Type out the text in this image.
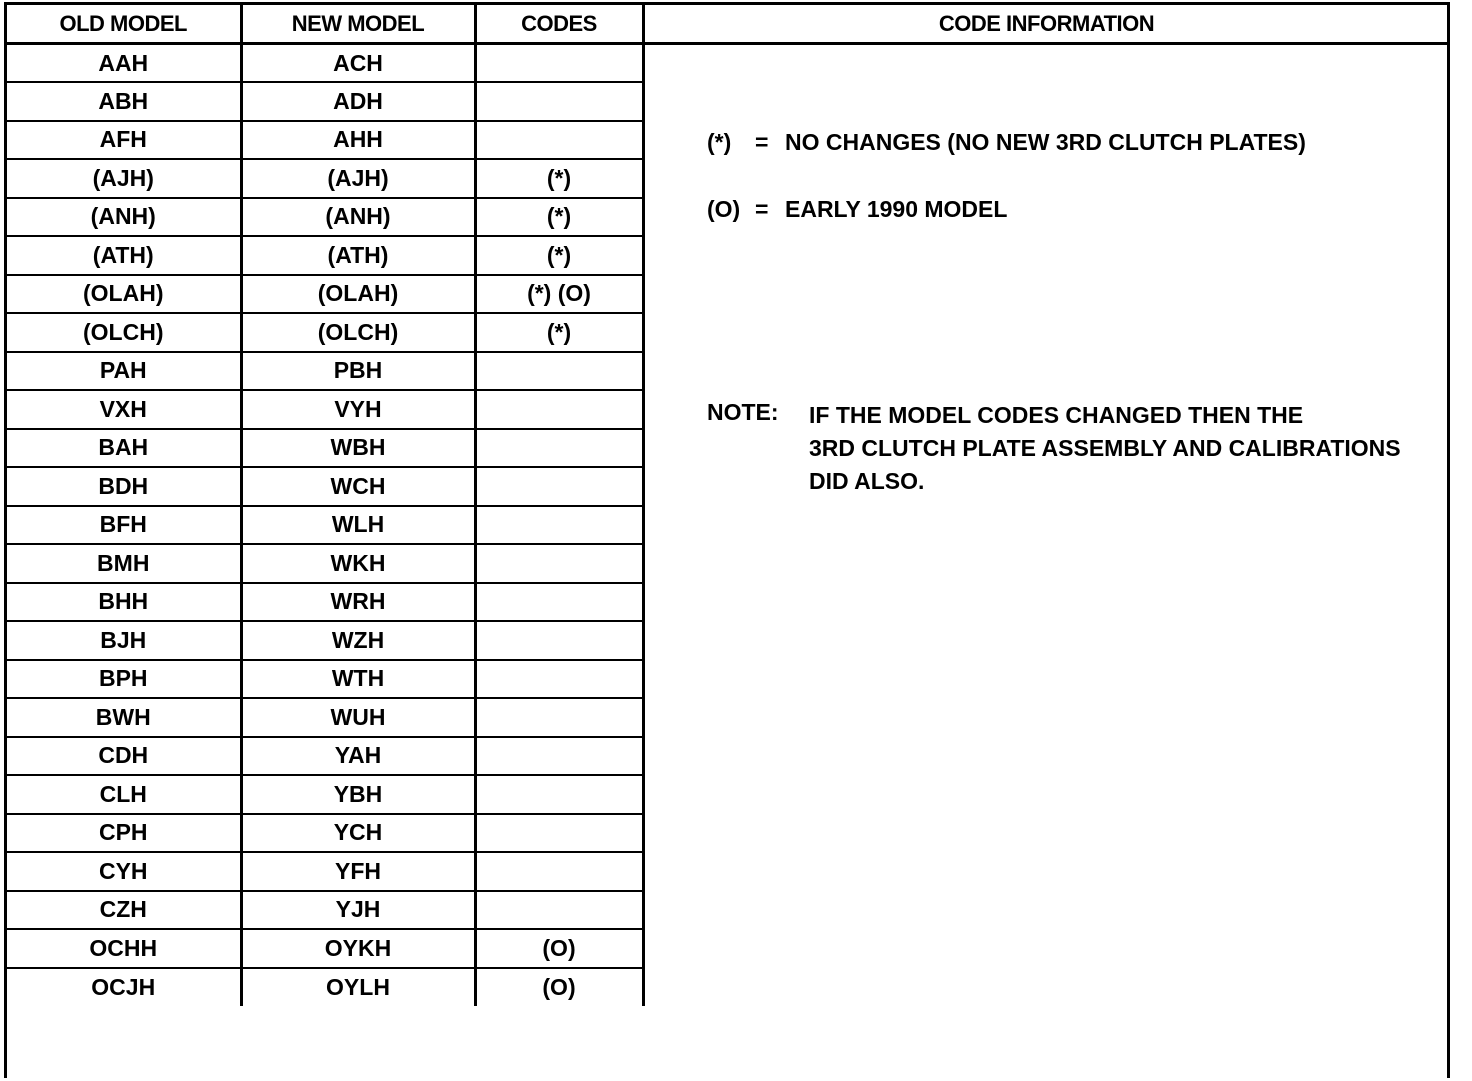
OLD MODEL	NEW MODEL	CODES
AAH	ACH	
ABH	ADH	
AFH	AHH	
(AJH)	(AJH)	(*)
(ANH)	(ANH)	(*)
(ATH)	(ATH)	(*)
(OLAH)	(OLAH)	(*) (O)
(OLCH)	(OLCH)	(*)
PAH	PBH	
VXH	VYH	
BAH	WBH	
BDH	WCH	
BFH	WLH	
BMH	WKH	
BHH	WRH	
BJH	WZH	
BPH	WTH	
BWH	WUH	
CDH	YAH	
CLH	YBH	
CPH	YCH	
CYH	YFH	
CZH	YJH	
OCHH	OYKH	(O)
OCJH	OYLH	(O)
CODE INFORMATION
(*) = NO CHANGES (NO NEW 3RD CLUTCH PLATES)
(O) = EARLY 1990 MODEL
NOTE: IF THE MODEL CODES CHANGED THEN THE
3RD CLUTCH PLATE ASSEMBLY AND CALIBRATIONS
DID ALSO.
